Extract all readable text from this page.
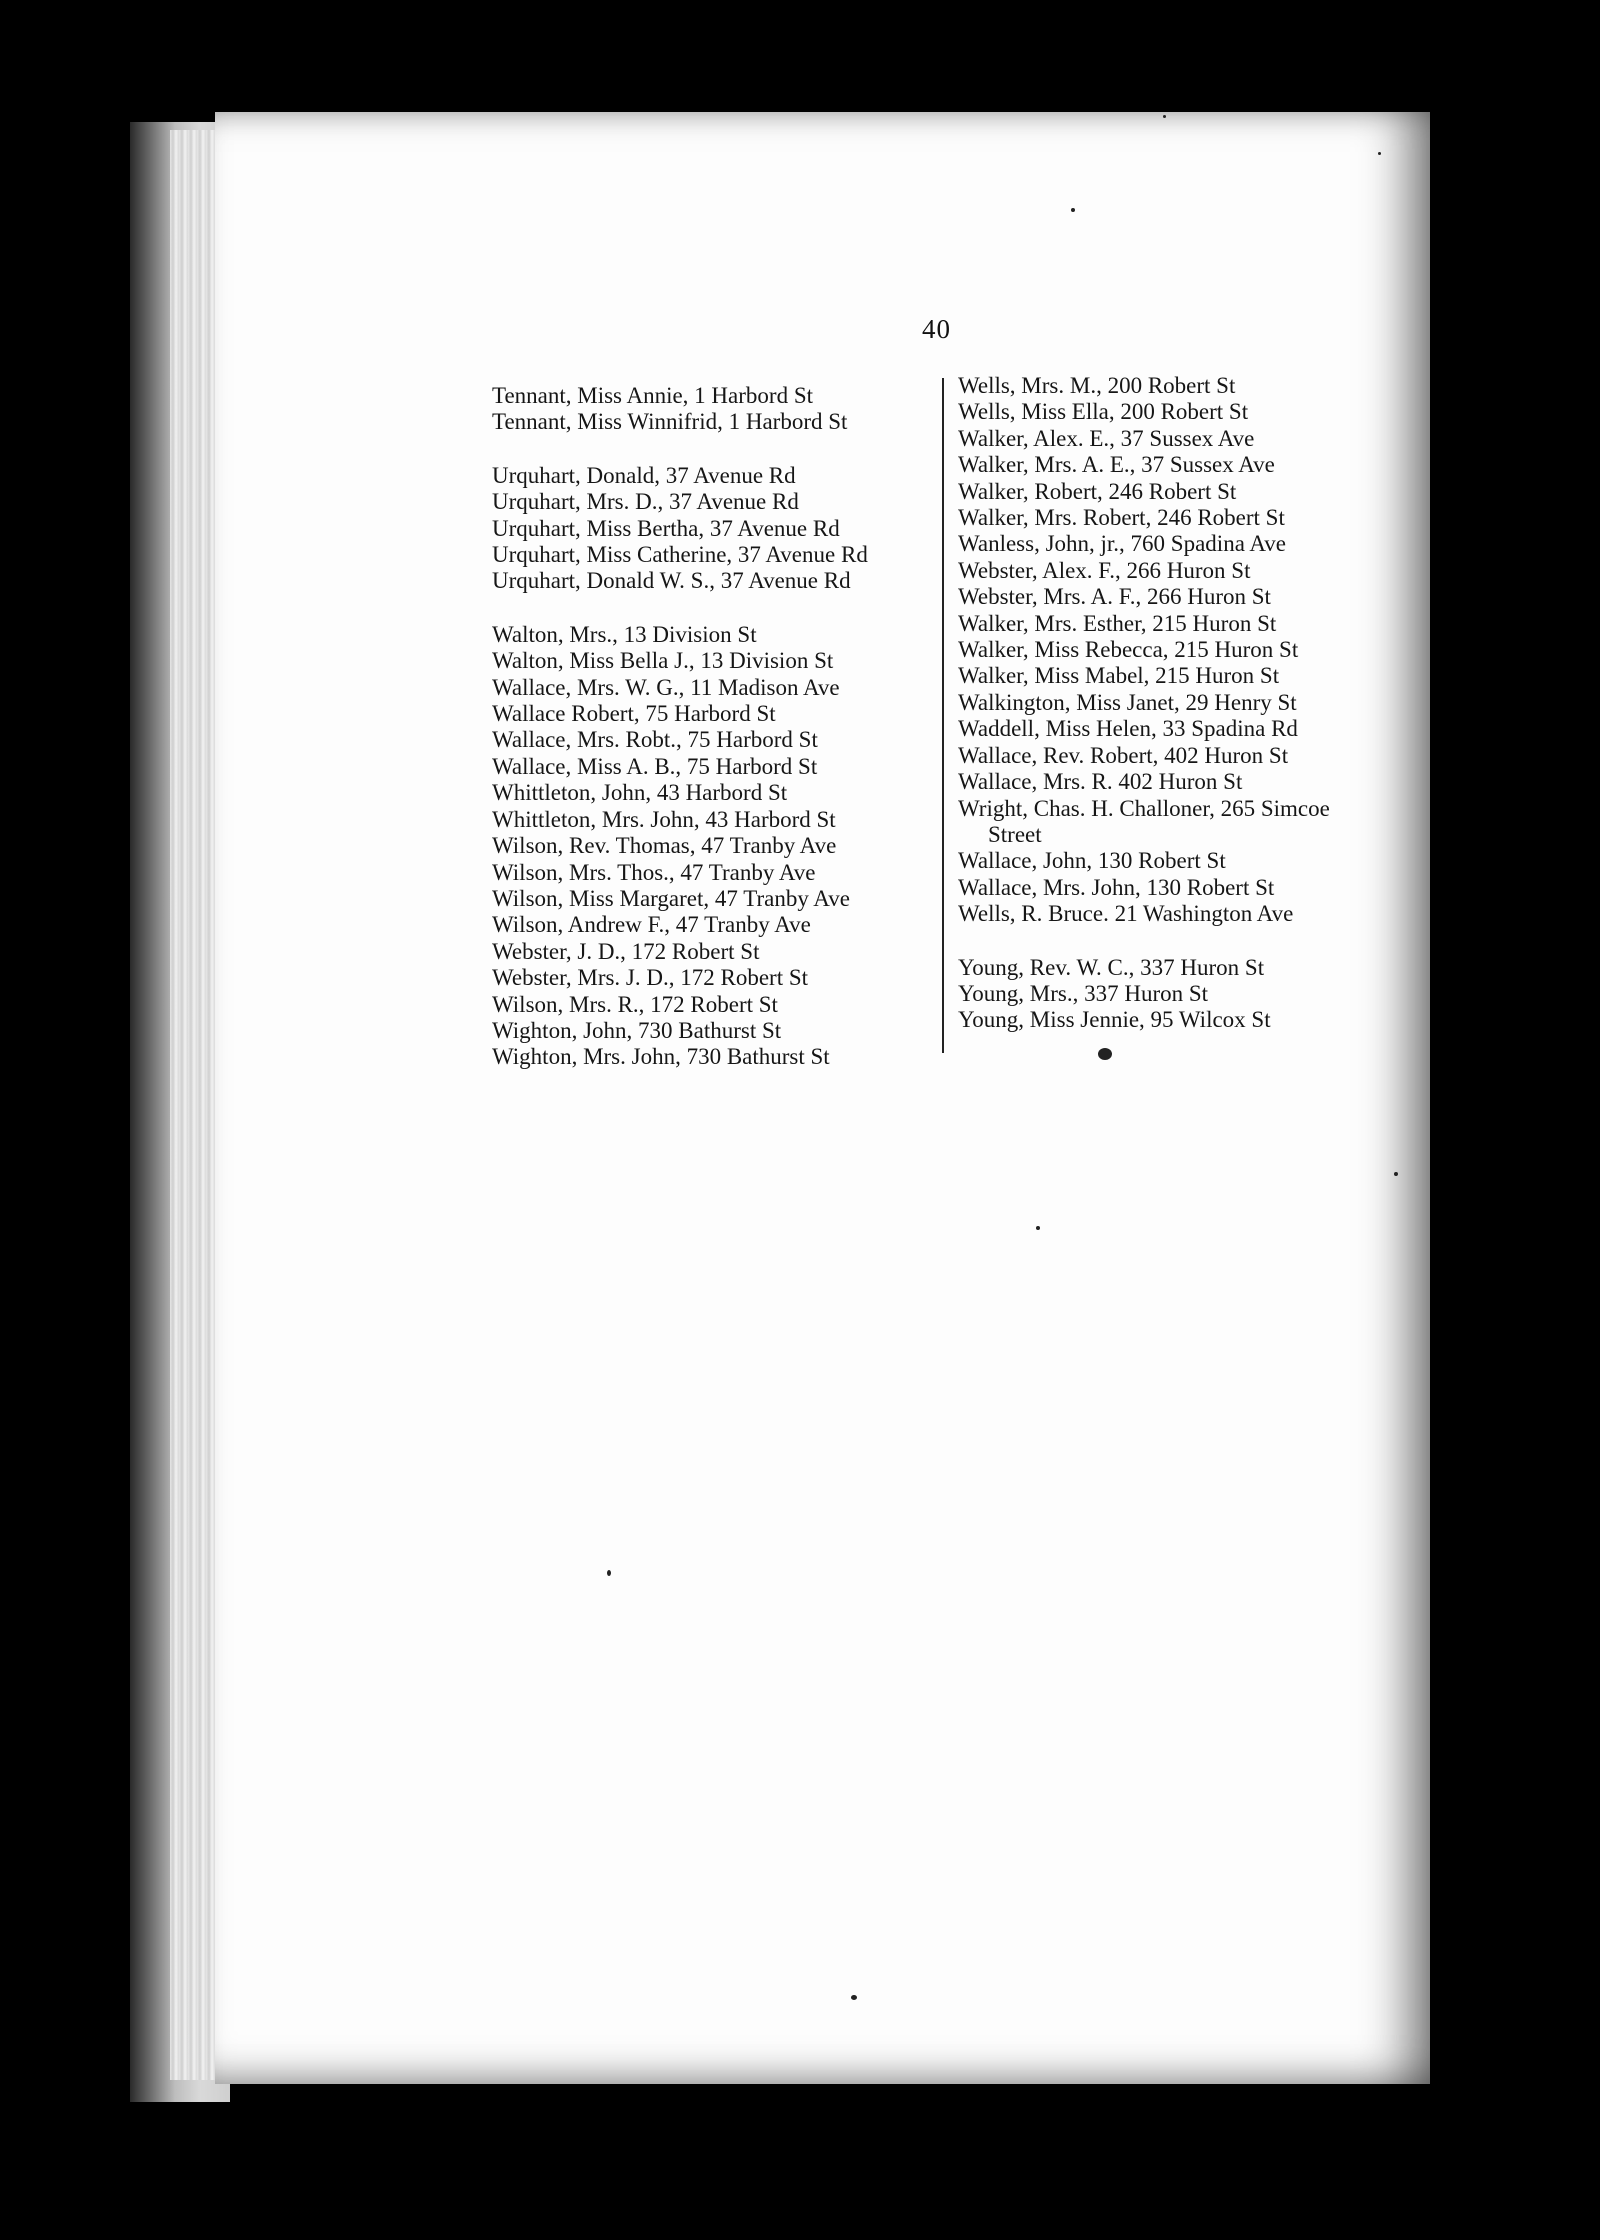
40
Tennant, Miss Annie, 1 Harbord St
Tennant, Miss Winnifrid, 1 Harbord St
Urquhart, Donald, 37 Avenue Rd
Urquhart, Mrs. D., 37 Avenue Rd
Urquhart, Miss Bertha, 37 Avenue Rd
Urquhart, Miss Catherine, 37 Avenue Rd
Urquhart, Donald W. S., 37 Avenue Rd
Walton, Mrs., 13 Division St
Walton, Miss Bella J., 13 Division St
Wallace, Mrs. W. G., 11 Madison Ave
Wallace Robert, 75 Harbord St
Wallace, Mrs. Robt., 75 Harbord St
Wallace, Miss A. B., 75 Harbord St
Whittleton, John, 43 Harbord St
Whittleton, Mrs. John, 43 Harbord St
Wilson, Rev. Thomas, 47 Tranby Ave
Wilson, Mrs. Thos., 47 Tranby Ave
Wilson, Miss Margaret, 47 Tranby Ave
Wilson, Andrew F., 47 Tranby Ave
Webster, J. D., 172 Robert St
Webster, Mrs. J. D., 172 Robert St
Wilson, Mrs. R., 172 Robert St
Wighton, John, 730 Bathurst St
Wighton, Mrs. John, 730 Bathurst St
Wells, Mrs. M., 200 Robert St
Wells, Miss Ella, 200 Robert St
Walker, Alex. E., 37 Sussex Ave
Walker, Mrs. A. E., 37 Sussex Ave
Walker, Robert, 246 Robert St
Walker, Mrs. Robert, 246 Robert St
Wanless, John, jr., 760 Spadina Ave
Webster, Alex. F., 266 Huron St
Webster, Mrs. A. F., 266 Huron St
Walker, Mrs. Esther, 215 Huron St
Walker, Miss Rebecca, 215 Huron St
Walker, Miss Mabel, 215 Huron St
Walkington, Miss Janet, 29 Henry St
Waddell, Miss Helen, 33 Spadina Rd
Wallace, Rev. Robert, 402 Huron St
Wallace, Mrs. R. 402 Huron St
Wright, Chas. H. Challoner, 265 Simcoe
Street
Wallace, John, 130 Robert St
Wallace, Mrs. John, 130 Robert St
Wells, R. Bruce. 21 Washington Ave
Young, Rev. W. C., 337 Huron St
Young, Mrs., 337 Huron St
Young, Miss Jennie, 95 Wilcox St
